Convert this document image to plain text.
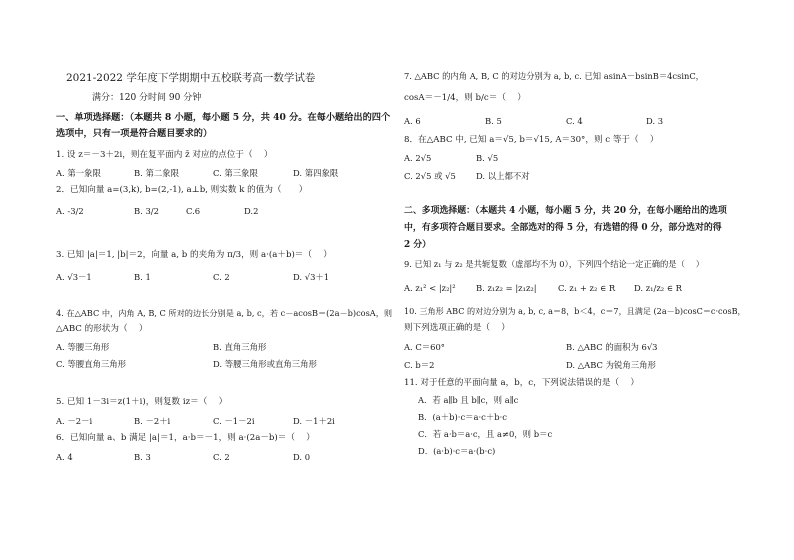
2021-2022 学年度下学期期中五校联考高一数学试卷
满分：120 分时间 90 分钟
一、单项选择题：（本题共 8 小题，每小题 5 分，共 40 分。在每小题给出的四个
选项中，只有一项是符合题目要求的）
1. 设 z＝－3＋2i，则在复平面内 z̄ 对应的点位于（　 ）
A. 第一象限	B. 第二象限	C. 第三象限	D. 第四象限
2．已知向量 a=(3,k), b=(2,-1), a⊥b, 则实数 k 的值为（　　）
A. -3/2	B. 3/2	C.6	D.2
3. 已知 |a|＝1, |b|＝2，向量 a, b 的夹角为 π/3，则 a·(a＋b)＝（　 ）
A. √3－1	B. 1	C. 2	D. √3＋1
4. 在△ABC 中，内角 A, B, C 所对的边长分别是 a, b, c，若 c－acosB＝(2a－b)cosA，则
△ABC 的形状为（　 ）
A. 等腰三角形	B. 直角三角形
C. 等腰直角三角形	D. 等腰三角形或直角三角形
5. 已知 1－3i＝z(1＋i)，则复数 iz＝（　 ）
A. －2－i	B. －2＋i	C. －1－2i	D. －1＋2i
6．已知向量 a、b 满足 |a|＝1，a·b＝－1，则 a·(2a－b)＝（　 ）
A. 4	B. 3	C. 2	D. 0
7. △ABC 的内角 A, B, C 的对边分别为 a, b, c. 已知 asinA－bsinB＝4csinC，
cosA＝－1/4，则 b/c＝（　 ）
A. 6	B. 5	C. 4	D. 3
8．在△ABC 中, 已知 a＝√5, b＝√15, A＝30°，则 c 等于（　 ）
A. 2√5	B. √5
C. 2√5 或 √5 D. 以上都不对
二、多项选择题：（本题共 4 小题，每小题 5 分，共 20 分，在每小题给出的选项
中，有多项符合题目要求。全部选对的得 5 分，有选错的得 0 分，部分选对的得
2 分）
9. 已知 z₁ 与 z₂ 是共轭复数（虚部均不为 0），下列四个结论一定正确的是（　 ）
A. z₁² < |z₂|² B. z₁z₂ = |z₁z₂|	C. z₁ + z₂ ∈ R D. z₁/z₂ ∈ R
10. 三角形 ABC 的对边分别为 a, b, c, a＝8，b＜4，c＝7，且满足 (2a－b)cosC＝c·cosB，
则下列选项正确的是（　 ）
A. C＝60°	B. △ABC 的面积为 6√3
C. b＝2	D. △ABC 为锐角三角形
11. 对于任意的平面向量 a，b，c，下列说法错误的是（　 ）
A．若 a∥b 且 b∥c，则 a∥c
B．(a＋b)·c＝a·c＋b·c
C．若 a·b＝a·c，且 a≠0，则 b＝c
D．(a·b)·c＝a·(b·c)
